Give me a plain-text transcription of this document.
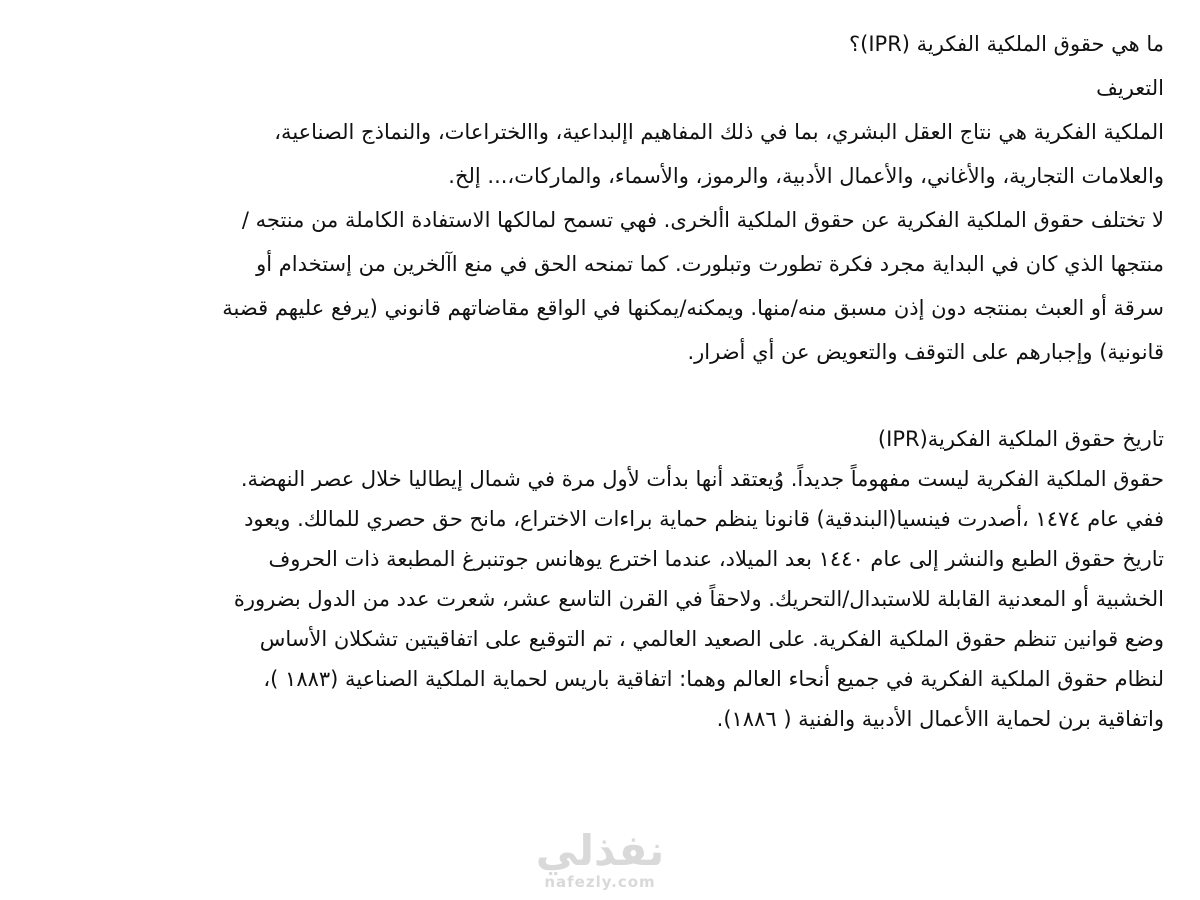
ما هي حقوق الملكية الفكرية (IPR)؟

التعريف

الملكية الفكرية هي نتاج العقل البشري، بما في ذلك المفاهيم اإلبداعية، واالختراعات، والنماذج الصناعية، والعلامات التجارية، والأغاني، والأعمال الأدبية، والرموز، والأسماء، والماركات،... إلخ.

لا تختلف حقوق الملكية الفكرية عن حقوق الملكية األخرى. فهي تسمح لمالكها الاستفادة الكاملة من منتجه /منتجها الذي كان في البداية مجرد فكرة تطورت وتبلورت. كما تمنحه الحق في منع اآلخرين من إستخدام أو سرقة أو العبث بمنتجه دون إذن مسبق منه/منها. ويمكنه/يمكنها في الواقع مقاضاتهم قانوني (يرفع عليهم قضبة قانونية) وإجبارهم على التوقف والتعويض عن أي أضرار.

تاريخ حقوق الملكية الفكرية(IPR)

حقوق الملكية الفكرية ليست مفهوماً جديداً. وُيعتقد أنها بدأت لأول مرة في شمال إيطاليا خلال عصر النهضة. ففي عام ١٤٧٤ ،أصدرت فينسيا(البندقية) قانونا ينظم حماية براءات الاختراع، مانح حق حصري للمالك. ويعود تاريخ حقوق الطبع والنشر إلى عام ١٤٤٠ بعد الميلاد، عندما اخترع يوهانس جوتنبرغ المطبعة ذات الحروف الخشبية أو المعدنية القابلة للاستبدال/التحريك. ولاحقاً في القرن التاسع عشر، شعرت عدد من الدول بضرورة وضع قوانين تنظم حقوق الملكية الفكرية. على الصعيد العالمي ، تم التوقيع على اتفاقيتين تشكلان الأساس لنظام حقوق الملكية الفكرية في جميع أنحاء العالم وهما: اتفاقية باريس لحماية الملكية الصناعية (١٨٨٣ )، واتفاقية برن لحماية االأعمال الأدبية والفنية ( ١٨٨٦).

نفذلي
nafezly.com
